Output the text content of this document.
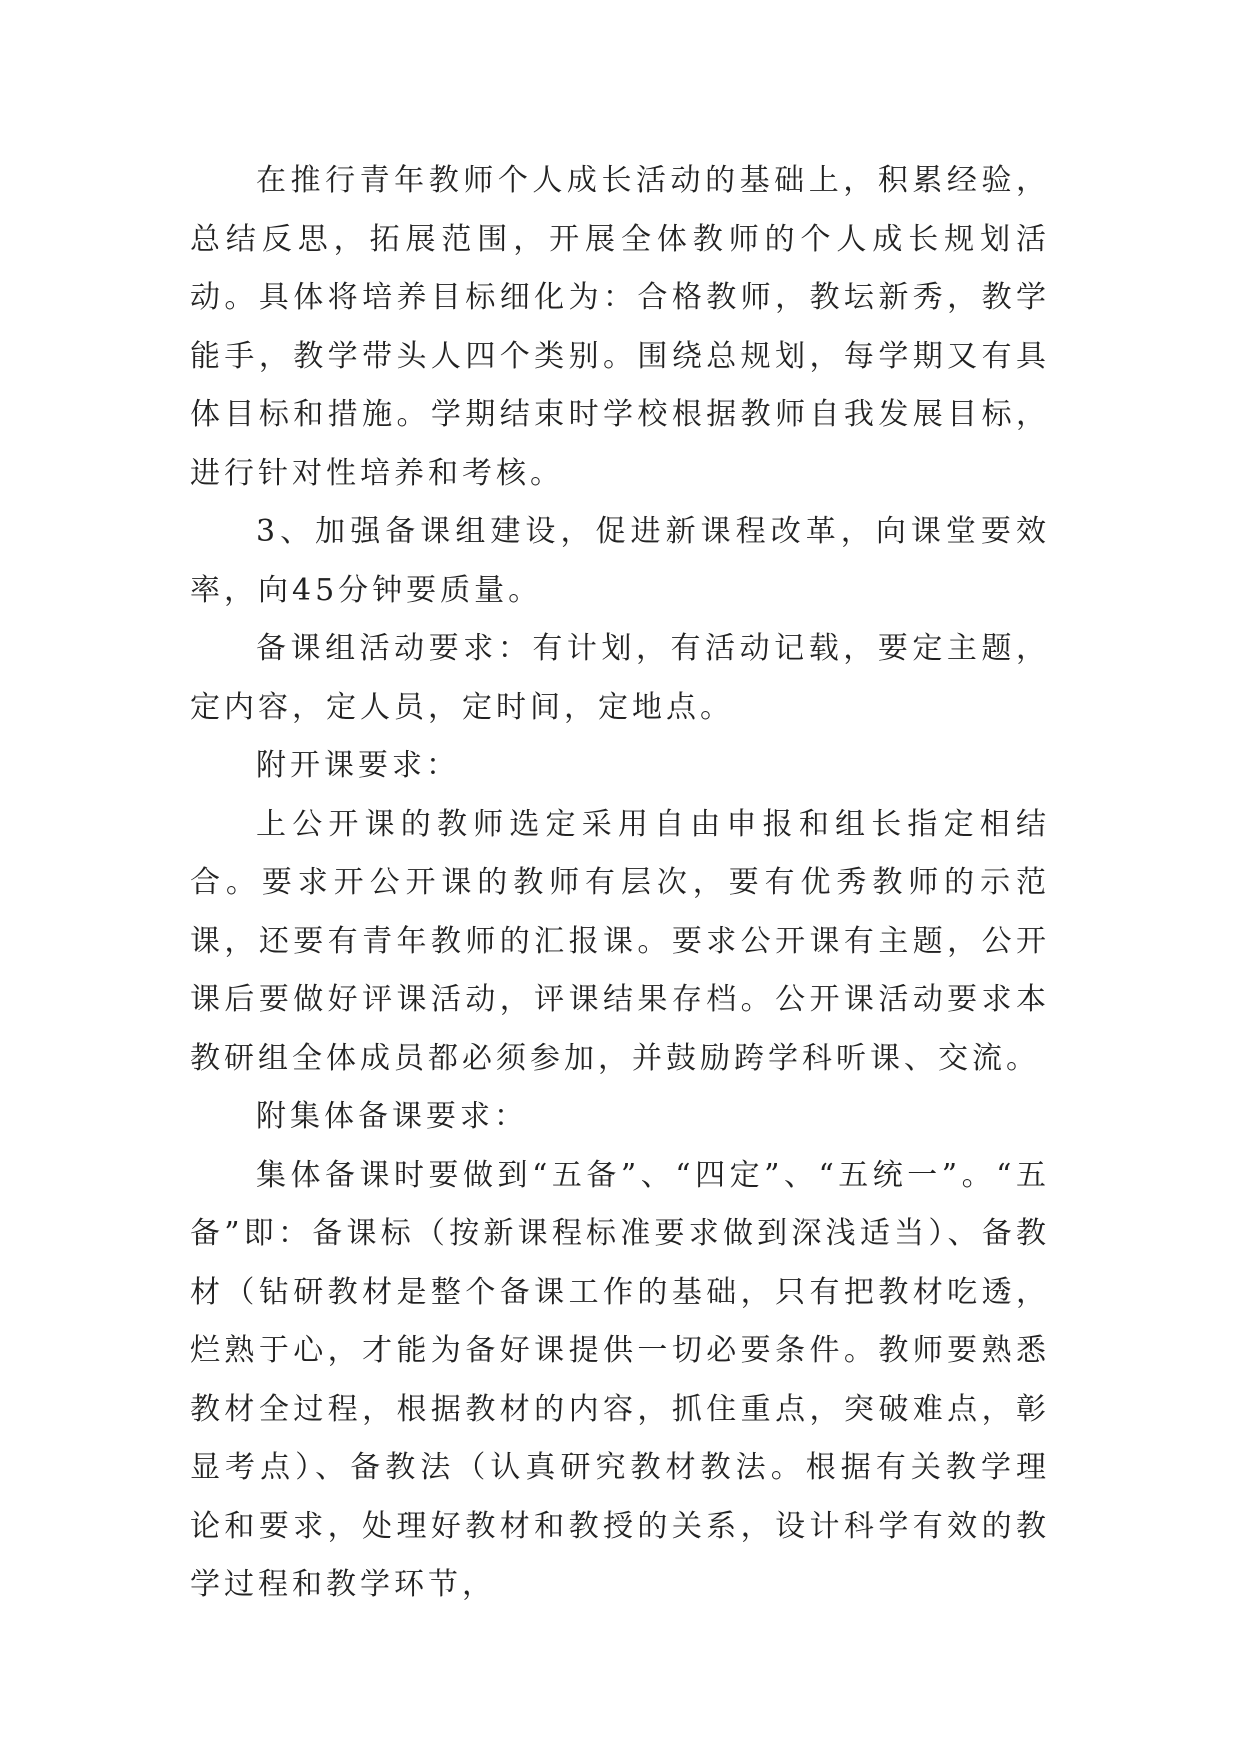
在推行青年教师个人成长活动的基础上，积累经验，总结反思，拓展范围，开展全体教师的个人成长规划活动。具体将培养目标细化为：合格教师，教坛新秀，教学能手，教学带头人四个类别。围绕总规划，每学期又有具体目标和措施。学期结束时学校根据教师自我发展目标，进行针对性培养和考核。

3、加强备课组建设，促进新课程改革，向课堂要效率，向45分钟要质量。

备课组活动要求：有计划，有活动记载，要定主题，定内容，定人员，定时间，定地点。

附开课要求：

上公开课的教师选定采用自由申报和组长指定相结合。要求开公开课的教师有层次，要有优秀教师的示范课，还要有青年教师的汇报课。要求公开课有主题，公开课后要做好评课活动，评课结果存档。公开课活动要求本教研组全体成员都必须参加，并鼓励跨学科听课、交流。

附集体备课要求：

集体备课时要做到“五备”、“四定”、“五统一”。“五备”即：备课标（按新课程标准要求做到深浅适当）、备教材（钻研教材是整个备课工作的基础，只有把教材吃透，烂熟于心，才能为备好课提供一切必要条件。教师要熟悉教材全过程，根据教材的内容，抓住重点，突破难点，彰显考点）、备教法（认真研究教材教法。根据有关教学理论和要求，处理好教材和教授的关系，设计科学有效的教学过程和教学环节，
